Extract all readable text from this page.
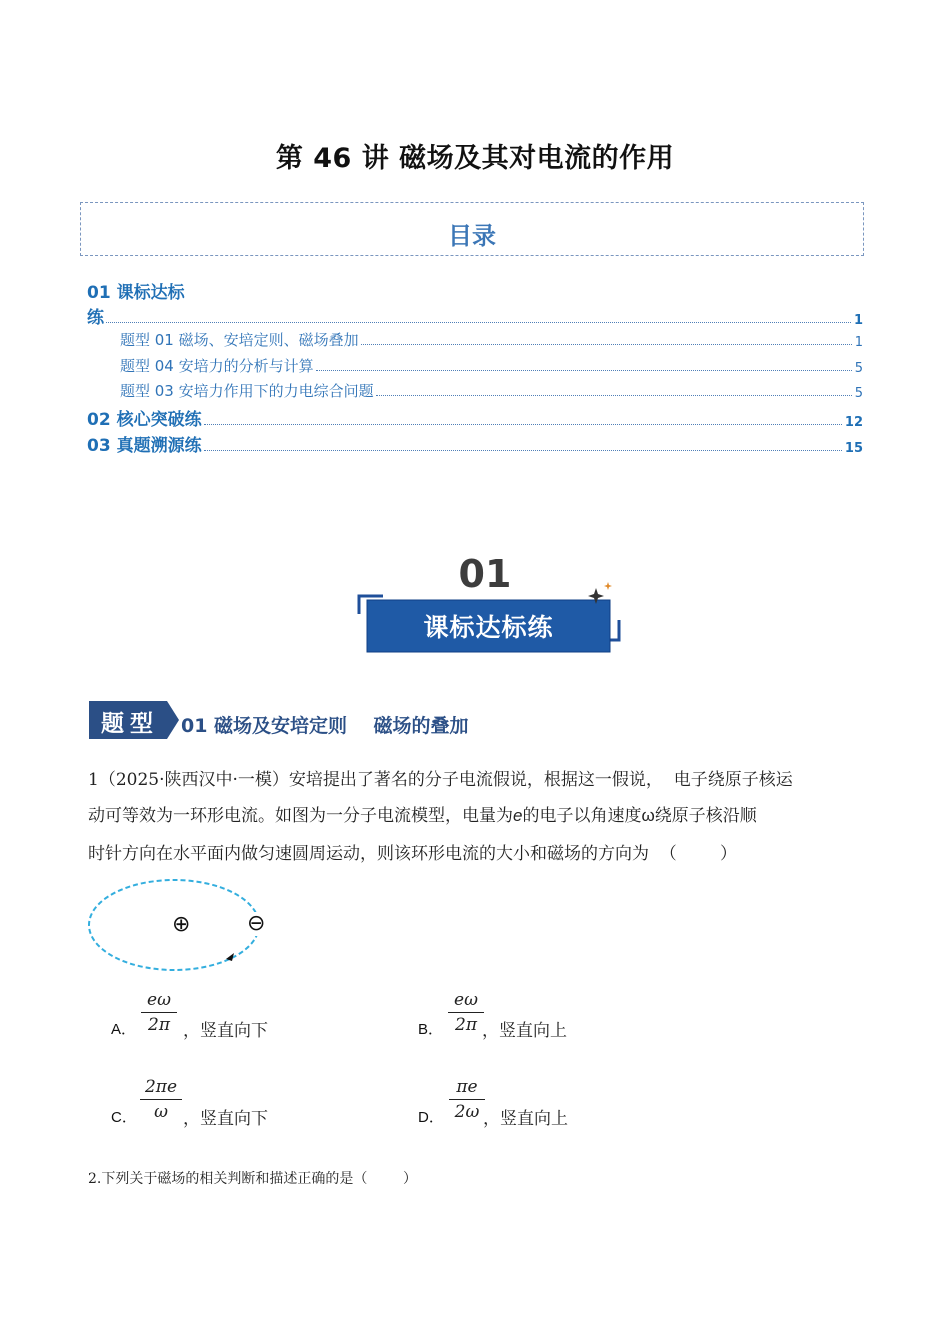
第 46 讲 磁场及其对电流的作用
目录
01 课标达标
练	1
题型 01 磁场、安培定则、磁场叠加	1
题型 04 安培力的分析与计算	5
题型 03 安培力作用下的力电综合问题	5
02 核心突破练	12
03 真题溯源练	15
01
课标达标练
题型	01 磁场及安培定则    磁场的叠加
1（2025·陕西汉中·一模）安培提出了著名的分子电流假说，根据这一假说，  电子绕原子核运
动可等效为一环形电流。如图为一分子电流模型，电量为e的电子以角速度ω绕原子核沿顺
时针方向在水平面内做匀速圆周运动，则该环形电流的大小和磁场的方向为  （        ）
⊕	⊖
A．
eω
2π ，竖直向下	B．
eω
2π ，竖直向上
C．
2πe
ω ，竖直向下	D．
πe
2ω ，竖直向上
2.下列关于磁场的相关判断和描述正确的是（        ）
